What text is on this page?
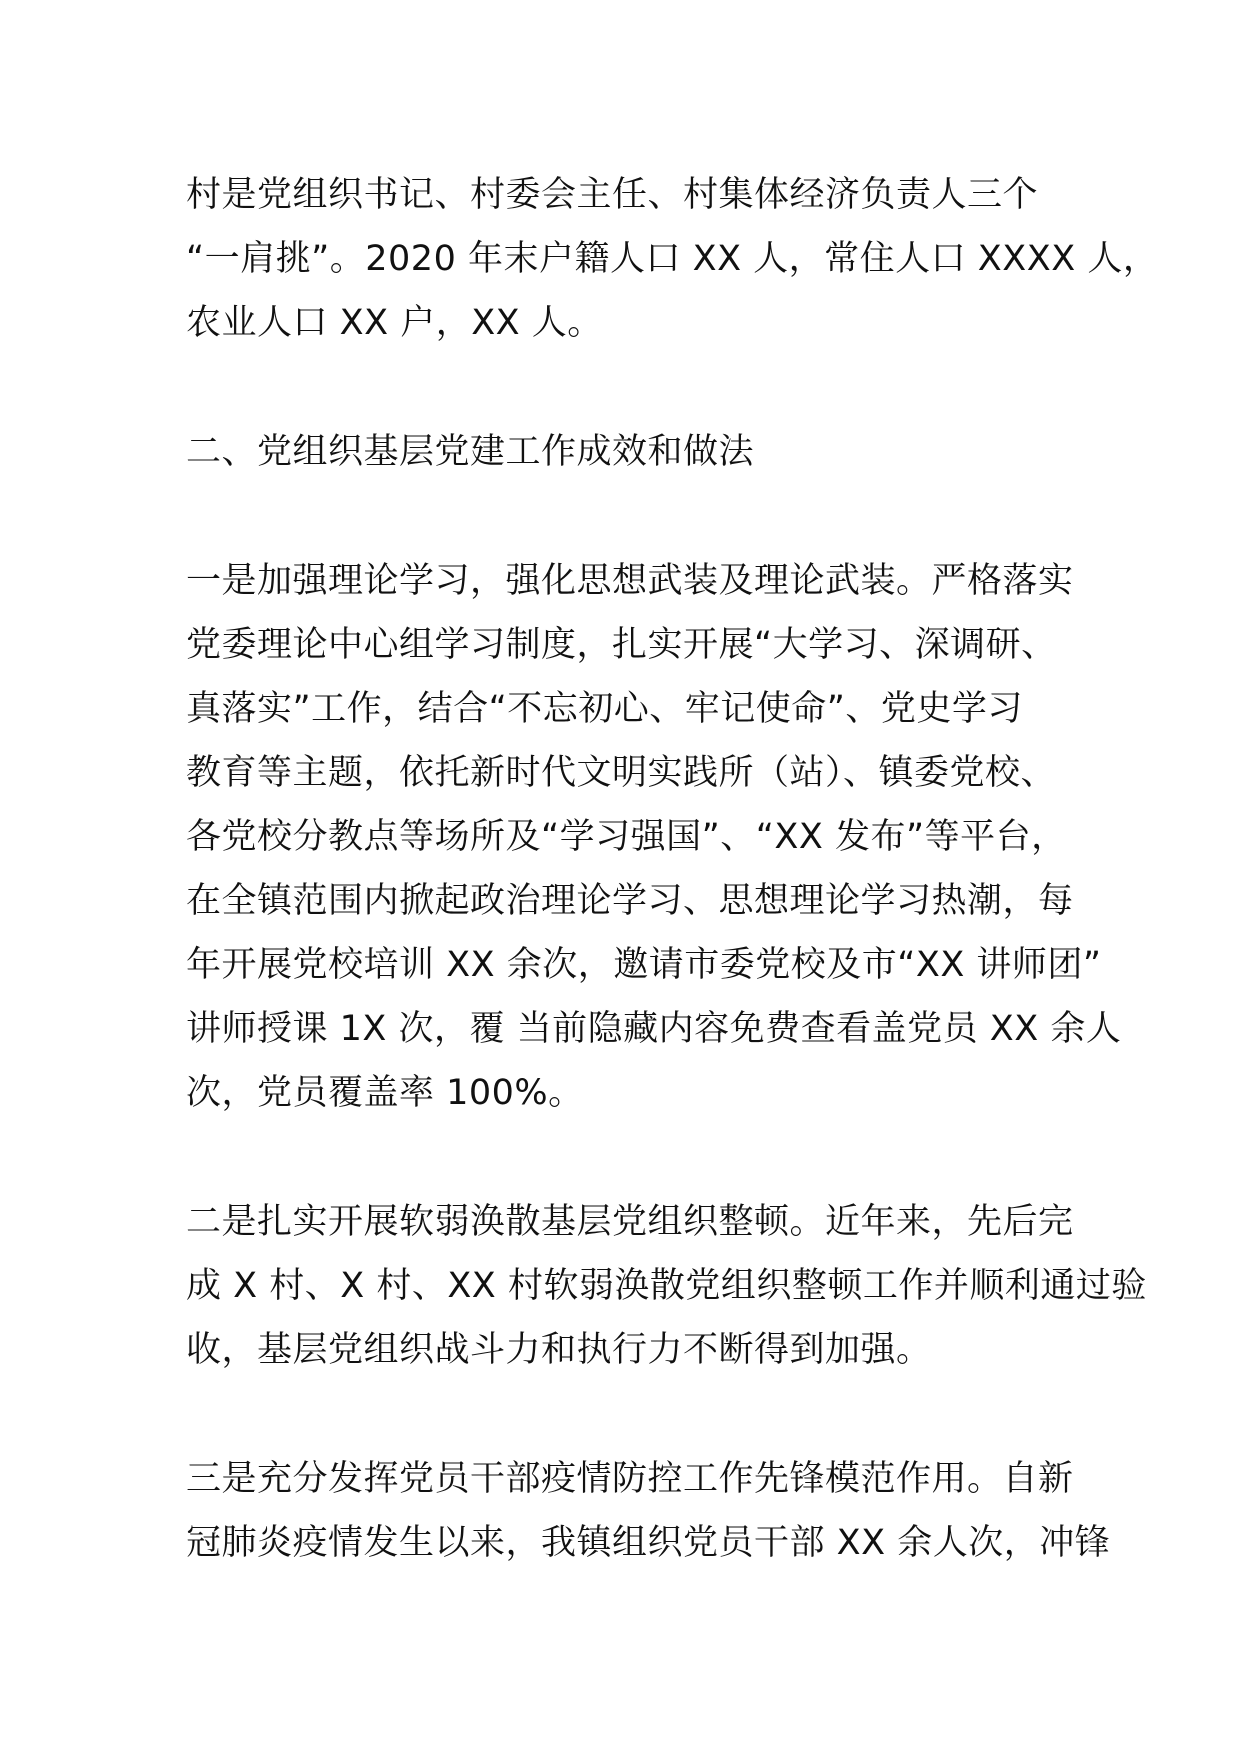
村是党组织书记、村委会主任、村集体经济负责人三个
“一肩挑”。2020 年末户籍人口 XX 人，常住人口 XXXX 人，
农业人口 XX 户，XX 人。
二、党组织基层党建工作成效和做法
一是加强理论学习，强化思想武装及理论武装。严格落实
党委理论中心组学习制度，扎实开展“大学习、深调研、
真落实”工作，结合“不忘初心、牢记使命”、党史学习
教育等主题，依托新时代文明实践所（站）、镇委党校、
各党校分教点等场所及“学习强国”、“XX 发布”等平台，
在全镇范围内掀起政治理论学习、思想理论学习热潮，每
年开展党校培训 XX 余次，邀请市委党校及市“XX 讲师团”
讲师授课 1X 次，覆 当前隐藏内容免费查看盖党员 XX 余人
次，党员覆盖率 100%。
二是扎实开展软弱涣散基层党组织整顿。近年来，先后完
成 X 村、X 村、XX 村软弱涣散党组织整顿工作并顺利通过验
收，基层党组织战斗力和执行力不断得到加强。
三是充分发挥党员干部疫情防控工作先锋模范作用。自新
冠肺炎疫情发生以来，我镇组织党员干部 XX 余人次，冲锋
